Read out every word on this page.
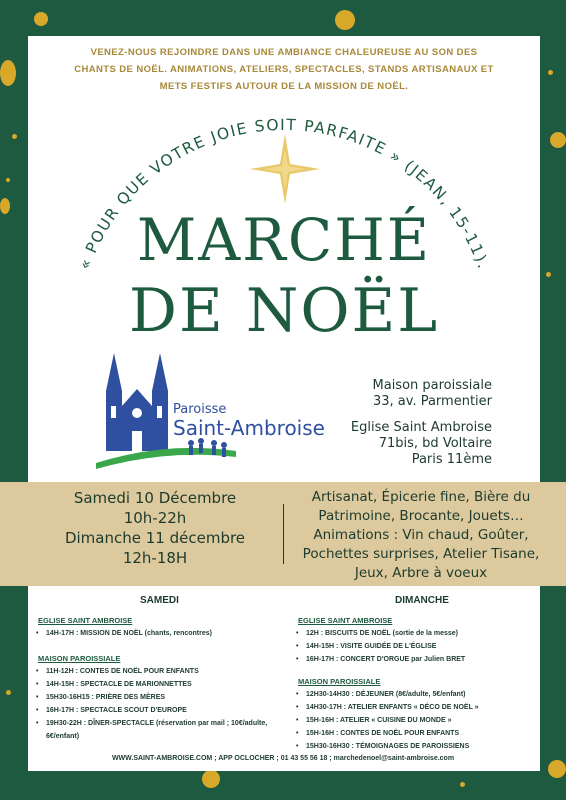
VENEZ-NOUS REJOINDRE DANS UNE AMBIANCE CHALEUREUSE AU SON DES
CHANTS DE NOËL. ANIMATIONS, ATELIERS, SPECTACLES, STANDS ARTISANAUX ET
METS FESTIFS AUTOUR DE LA MISSION DE NOËL.
« POUR QUE VOTRE JOIE SOIT PARFAITE » (JEAN, 15-11).
MARCHÉ
DE NOËL
Paroisse
Saint-Ambroise
Maison paroissiale
33, av. Parmentier
Eglise Saint Ambroise
71bis, bd Voltaire
Paris 11ème
Samedi 10 Décembre
10h-22h
Dimanche 11 décembre
12h-18H
Artisanat, Épicerie fine, Bière du Patrimoine, Brocante, Jouets…
Animations : Vin chaud, Goûter, Pochettes surprises, Atelier Tisane, Jeux, Arbre à voeux
SAMEDI
EGLISE SAINT AMBROISE
• 14H-17H : MISSION DE NOËL (chants, rencontres)
MAISON PAROISSIALE
• 11H-12H : CONTES DE NOËL POUR ENFANTS
• 14H-15H : SPECTACLE DE MARIONNETTES
• 15H30-16H15 : PRIÈRE DES MÈRES
• 16H-17H : SPECTACLE SCOUT D'EUROPE
• 19H30-22H : DÎNER-SPECTACLE (réservation par mail ; 10€/adulte, 6€/enfant)
DIMANCHE
EGLISE SAINT AMBROISE
• 12H : BISCUITS DE NOËL (sortie de la messe)
• 14H-15H : VISITE GUIDÉE DE L'ÉGLISE
• 16H-17H : CONCERT D'ORGUE par Julien BRET
MAISON PAROISSIALE
• 12H30-14H30 : DÉJEUNER (8€/adulte, 5€/enfant)
• 14H30-17H : ATELIER ENFANTS « DÉCO DE NOËL »
• 15H-16H : ATELIER « CUISINE DU MONDE »
• 15H-16H : CONTES DE NOËL POUR ENFANTS
• 15H30-16H30 : TÉMOIGNAGES DE PAROISSIENS
WWW.SAINT-AMBROISE.COM ; APP OCLOCHER ; 01 43 55 56 18 ; marchedenoel@saint-ambroise.com
